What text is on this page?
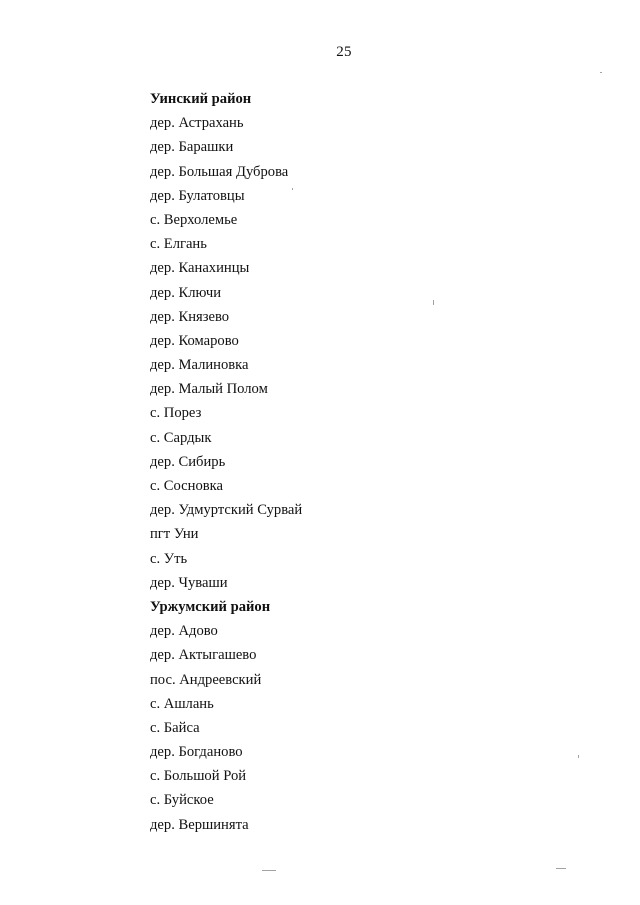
25
Уинский район
дер. Астрахань
дер. Барашки
дер. Большая Дуброва
дер. Булатовцы
с. Верхолемье
с. Елгань
дер. Канахинцы
дер. Ключи
дер. Князево
дер. Комарово
дер. Малиновка
дер. Малый Полом
с. Порез
с. Сардык
дер. Сибирь
с. Сосновка
дер. Удмуртский Сурвай
пгт Уни
с. Уть
дер. Чуваши
Уржумский район
дер. Адово
дер. Актыгашево
пос. Андреевский
с. Ашлань
с. Байса
дер. Богданово
с. Большой Рой
с. Буйское
дер. Вершинята
